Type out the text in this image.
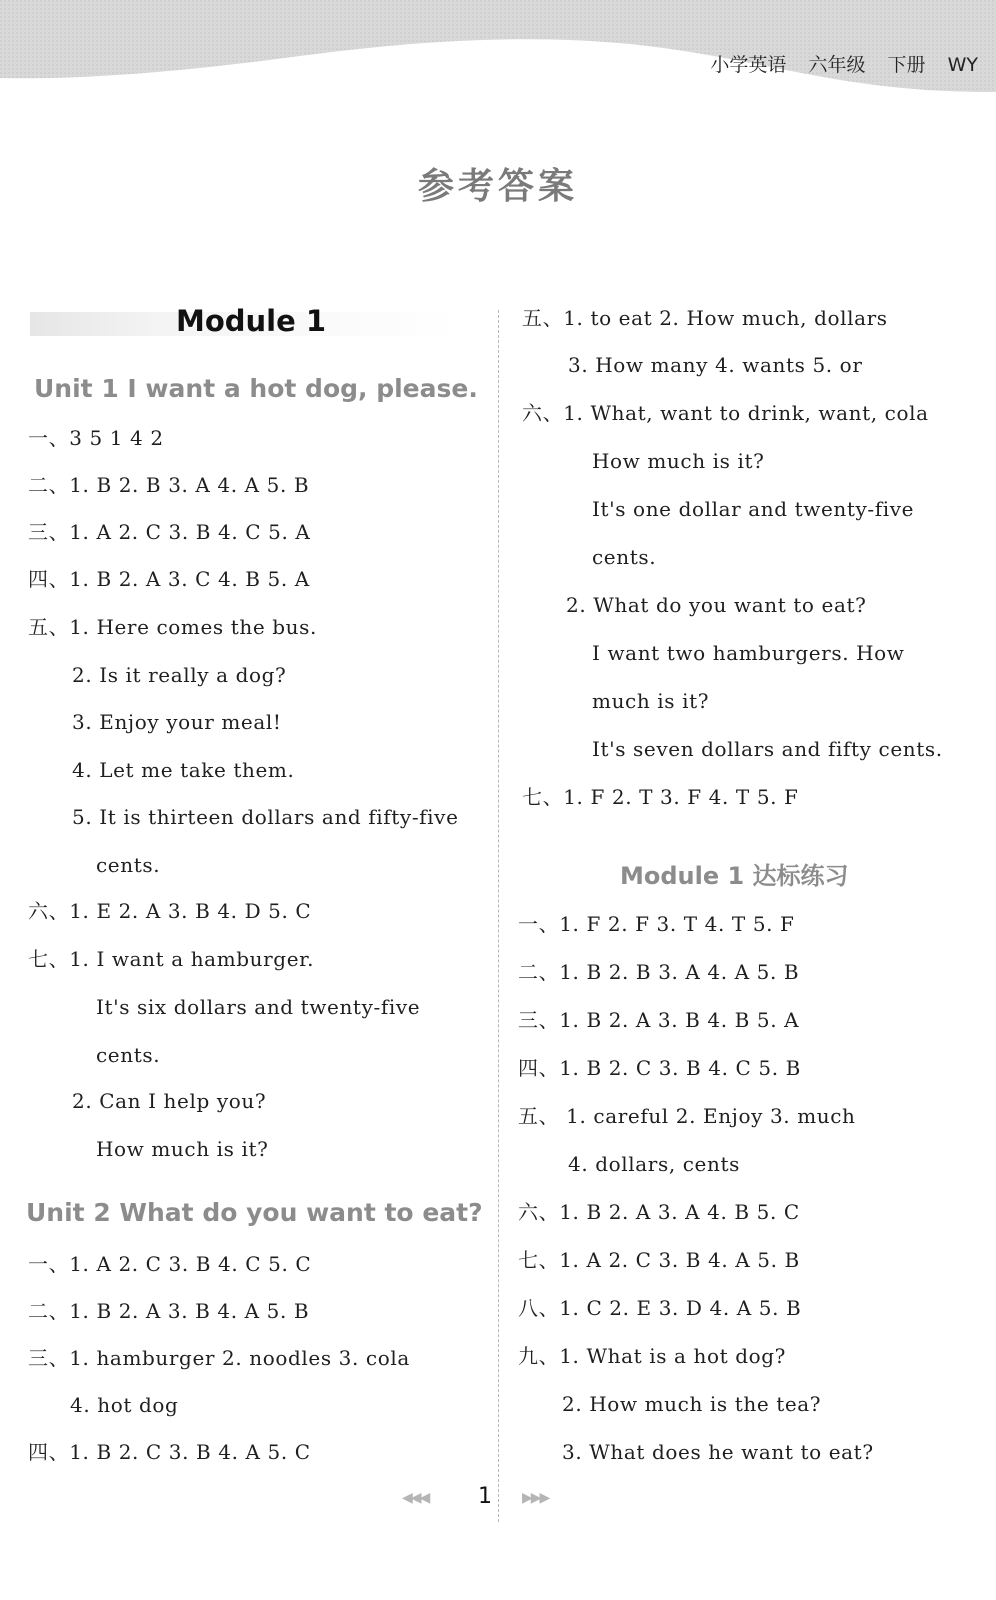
小学英语 六年级 下册 WY
参考答案
Module 1
Unit 1 I want a hot dog, please.
一、3 5 1 4 2
二、1. B 2. B 3. A 4. A 5. B
三、1. A 2. C 3. B 4. C 5. A
四、1. B 2. A 3. C 4. B 5. A
五、1. Here comes the bus.
2. Is it really a dog?
3. Enjoy your meal!
4. Let me take them.
5. It is thirteen dollars and fifty-five
cents.
六、1. E 2. A 3. B 4. D 5. C
七、1. I want a hamburger.
It's six dollars and twenty-five
cents.
2. Can I help you?
How much is it?
Unit 2 What do you want to eat?
一、1. A 2. C 3. B 4. C 5. C
二、1. B 2. A 3. B 4. A 5. B
三、1. hamburger 2. noodles 3. cola
4. hot dog
四、1. B 2. C 3. B 4. A 5. C
五、1. to eat 2. How much, dollars
3. How many 4. wants 5. or
六、1. What, want to drink, want, cola
How much is it?
It's one dollar and twenty-five
cents.
2. What do you want to eat?
I want two hamburgers. How
much is it?
It's seven dollars and fifty cents.
七、1. F 2. T 3. F 4. T 5. F
Module 1 达标练习
一、1. F 2. F 3. T 4. T 5. F
二、1. B 2. B 3. A 4. A 5. B
三、1. B 2. A 3. B 4. B 5. A
四、1. B 2. C 3. B 4. C 5. B
五、 1. careful 2. Enjoy 3. much
4. dollars, cents
六、1. B 2. A 3. A 4. B 5. C
七、1. A 2. C 3. B 4. A 5. B
八、1. C 2. E 3. D 4. A 5. B
九、1. What is a hot dog?
2. How much is the tea?
3. What does he want to eat?
◀◀◀ 1 ▶▶▶
